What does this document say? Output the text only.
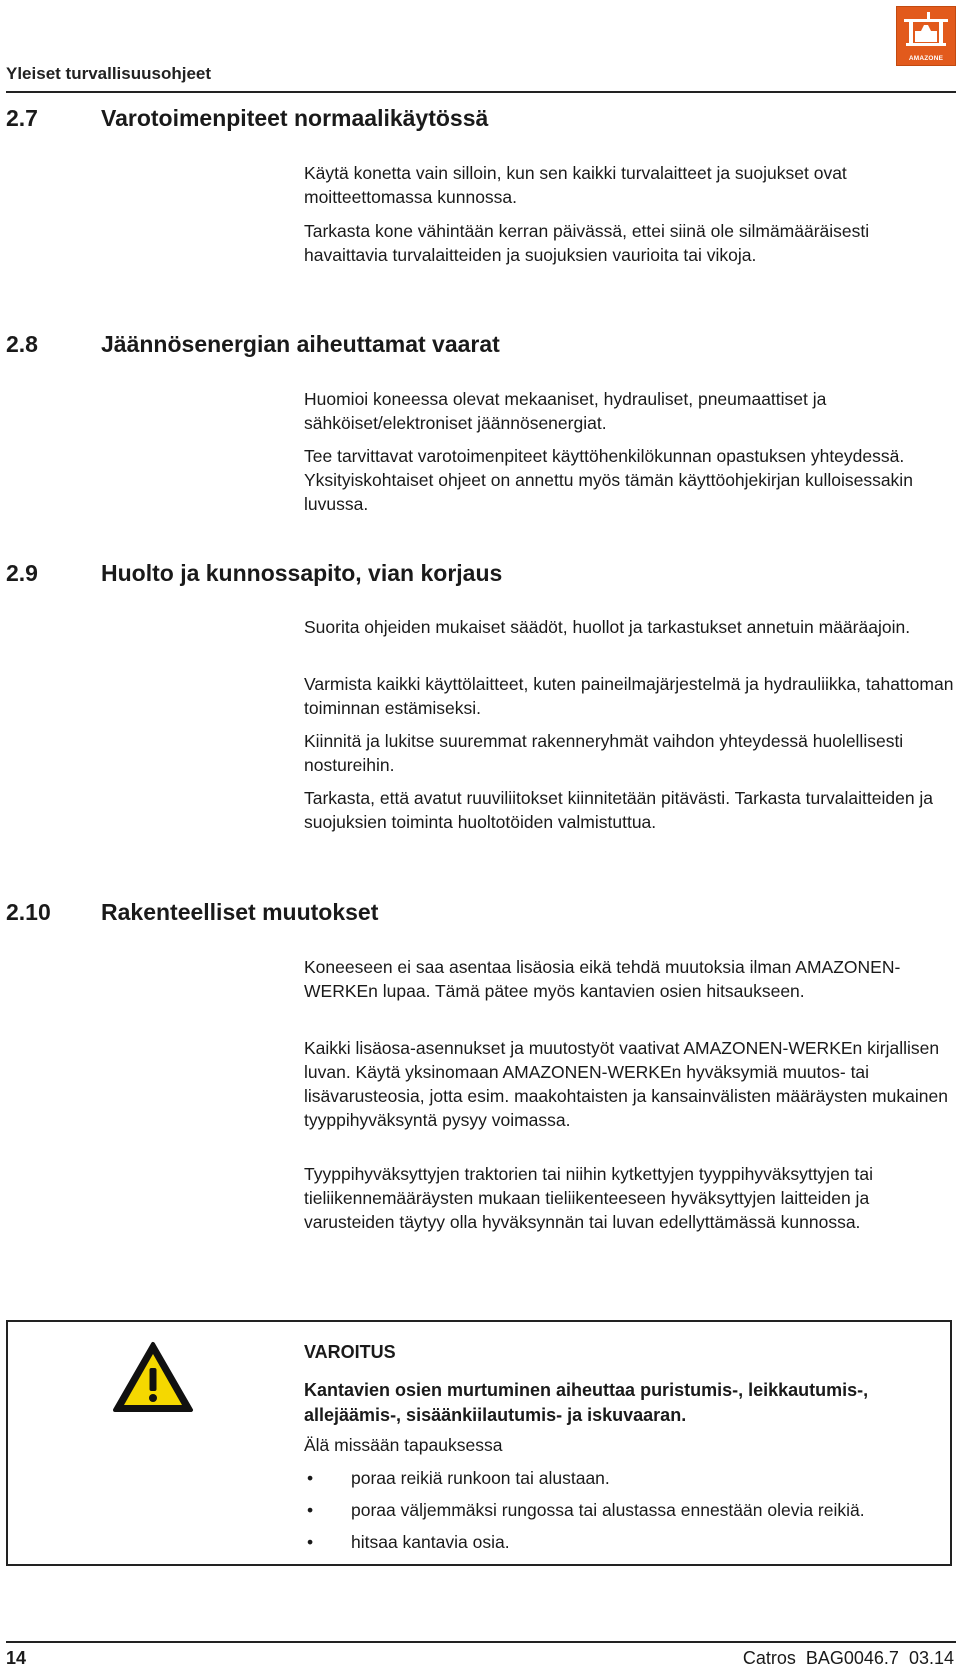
Yleiset turvallisuusohjeet
AMAZONE
2.7	Varotoimenpiteet normaalikäytössä

Käytä konetta vain silloin, kun sen kaikki turvalaitteet ja suojukset ovat moitteettomassa kunnossa.

Tarkasta kone vähintään kerran päivässä, ettei siinä ole silmämääräisesti havaittavia turvalaitteiden ja suojuksien vaurioita tai vikoja.

2.8	Jäännösenergian aiheuttamat vaarat

Huomioi koneessa olevat mekaaniset, hydrauliset, pneumaattiset ja sähköiset/elektroniset jäännösenergiat.

Tee tarvittavat varotoimenpiteet käyttöhenkilökunnan opastuksen yhteydessä. Yksityiskohtaiset ohjeet on annettu myös tämän käyttöohjekirjan kulloisessakin luvussa.

2.9	Huolto ja kunnossapito, vian korjaus

Suorita ohjeiden mukaiset säädöt, huollot ja tarkastukset annetuin määräajoin.

Varmista kaikki käyttölaitteet, kuten paineilmajärjestelmä ja hydrauliikka, tahattoman toiminnan estämiseksi.

Kiinnitä ja lukitse suuremmat rakenneryhmät vaihdon yhteydessä huolellisesti nostureihin.

Tarkasta, että avatut ruuviliitokset kiinnitetään pitävästi. Tarkasta turvalaitteiden ja suojuksien toiminta huoltotöiden valmistuttua.

2.10 Rakenteelliset muutokset

Koneeseen ei saa asentaa lisäosia eikä tehdä muutoksia ilman AMAZONEN-WERKEn lupaa. Tämä pätee myös kantavien osien hitsaukseen.

Kaikki lisäosa-asennukset ja muutostyöt vaativat AMAZONEN-WERKEn kirjallisen luvan. Käytä yksinomaan AMAZONEN-WERKEn hyväksymiä muutos- tai lisävarusteosia, jotta esim. maakohtaisten ja kansainvälisten määräysten mukainen tyyppihyväksyntä pysyy voimassa.

Tyyppihyväksyttyjen traktorien tai niihin kytkettyjen tyyppihyväksyttyjen tai tieliikennemääräysten mukaan tieliikenteeseen hyväksyttyjen laitteiden ja varusteiden täytyy olla hyväksynnän tai luvan edellyttämässä kunnossa.

VAROITUS

Kantavien osien murtuminen aiheuttaa puristumis-, leikkautumis-, allejäämis-, sisäänkiilautumis- ja iskuvaaran.

Älä missään tapauksessa

• poraa reikiä runkoon tai alustaan.
• poraa väljemmäksi rungossa tai alustassa ennestään olevia reikiä.
• hitsaa kantavia osia.
14	Catros  BAG0046.7  03.14
